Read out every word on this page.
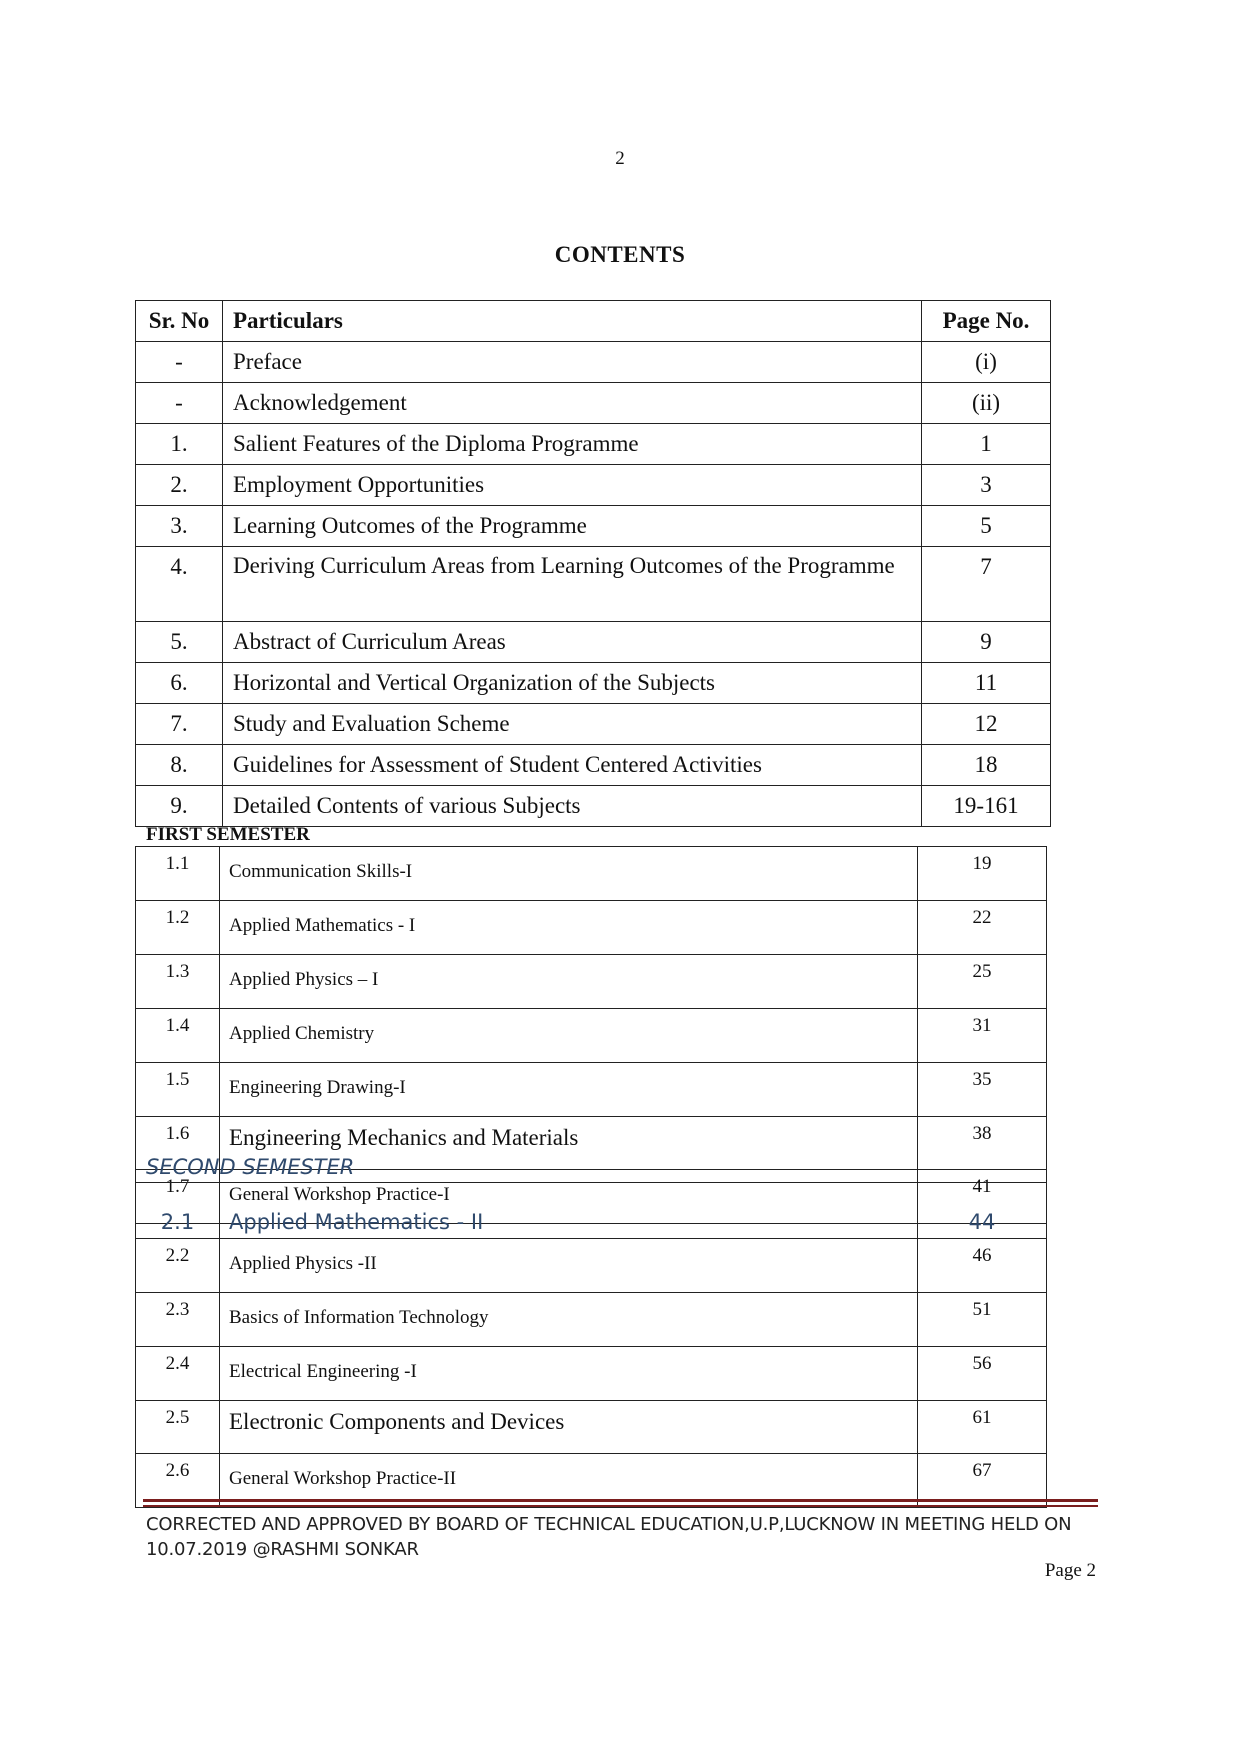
2
CONTENTS
Sr. No	Particulars	Page No.
-	Preface	(i)
-	Acknowledgement	(ii)
1.	Salient Features of the Diploma Programme	1
2.	Employment Opportunities	3
3.	Learning Outcomes of the Programme	5
4.	Deriving Curriculum Areas from Learning Outcomes of the Programme	7
5.	Abstract of Curriculum Areas	9
6.	Horizontal and Vertical Organization of the Subjects	11
7.	Study and Evaluation Scheme	12
8.	Guidelines for Assessment of Student Centered Activities	18
9.	Detailed Contents of various Subjects	19-161
FIRST SEMESTER
1.1	Communication Skills-I	19
1.2	Applied Mathematics - I	22
1.3	Applied Physics – I	25
1.4	Applied Chemistry	31
1.5	Engineering Drawing-I	35
1.6	Engineering Mechanics and Materials	38
1.7	General Workshop Practice-I	41
SECOND SEMESTER
2.1	Applied Mathematics - II	44
2.2	Applied Physics -II	46
2.3	Basics of Information Technology	51
2.4	Electrical Engineering -I	56
2.5	Electronic Components and Devices	61
2.6	General Workshop Practice-II	67
CORRECTED AND APPROVED BY BOARD OF TECHNICAL EDUCATION,U.P,LUCKNOW IN MEETING HELD ON
10.07.2019 @RASHMI SONKAR
Page 2
